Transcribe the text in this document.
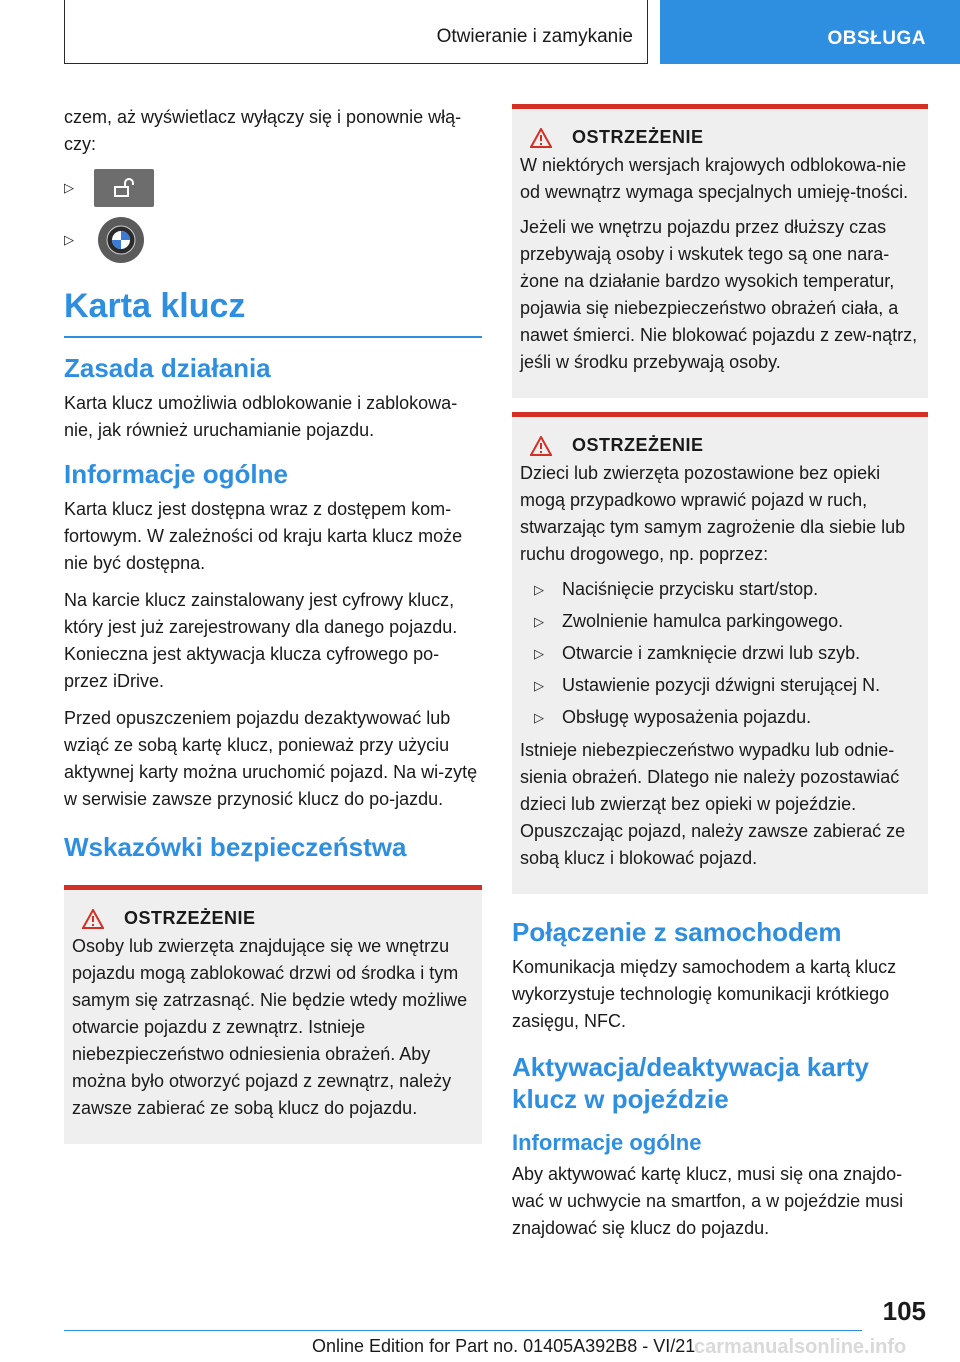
Otwieranie i zamykanie	OBSŁUGA

czem, aż wyświetlacz wyłączy się i ponownie włą-czy:

▷
▷
Karta klucz
Zasada działania

Karta klucz umożliwia odblokowanie i zablokowa-nie, jak również uruchamianie pojazdu.

Informacje ogólne

Karta klucz jest dostępna wraz z dostępem kom-fortowym. W zależności od kraju karta klucz może nie być dostępna.

Na karcie klucz zainstalowany jest cyfrowy klucz, który jest już zarejestrowany dla danego pojazdu. Konieczna jest aktywacja klucza cyfrowego po-przez iDrive.

Przed opuszczeniem pojazdu dezaktywować lub wziąć ze sobą kartę klucz, ponieważ przy użyciu aktywnej karty można uruchomić pojazd. Na wi-zytę w serwisie zawsze przynosić klucz do po-jazdu.

Wskazówki bezpieczeństwa
OSTRZEŻENIE

Osoby lub zwierzęta znajdujące się we wnętrzu pojazdu mogą zablokować drzwi od środka i tym samym się zatrzasnąć. Nie będzie wtedy możliwe otwarcie pojazdu z zewnątrz. Istnieje niebezpieczeństwo odniesienia obrażeń. Aby można było otworzyć pojazd z zewnątrz, należy zawsze zabierać ze sobą klucz do pojazdu.

OSTRZEŻENIE

W niektórych wersjach krajowych odblokowa-nie od wewnątrz wymaga specjalnych umieję-tności.

Jeżeli we wnętrzu pojazdu przez dłuższy czas przebywają osoby i wskutek tego są one nara-żone na działanie bardzo wysokich temperatur, pojawia się niebezpieczeństwo obrażeń ciała, a nawet śmierci. Nie blokować pojazdu z zew-nątrz, jeśli w środku przebywają osoby.

OSTRZEŻENIE

Dzieci lub zwierzęta pozostawione bez opieki mogą przypadkowo wprawić pojazd w ruch, stwarzając tym samym zagrożenie dla siebie lub ruchu drogowego, np. poprzez:

▷ Naciśnięcie przycisku start/stop.
▷ Zwolnienie hamulca parkingowego.
▷ Otwarcie i zamknięcie drzwi lub szyb.
▷ Ustawienie pozycji dźwigni sterującej N.
▷ Obsługę wyposażenia pojazdu.

Istnieje niebezpieczeństwo wypadku lub odnie-sienia obrażeń. Dlatego nie należy pozostawiać dzieci lub zwierząt bez opieki w pojeździe. Opuszczając pojazd, należy zawsze zabierać ze sobą klucz i blokować pojazd.

Połączenie z samochodem

Komunikacja między samochodem a kartą klucz wykorzystuje technologię komunikacji krótkiego zasięgu, NFC.

Aktywacja/deaktywacja karty klucz w pojeździe
Informacje ogólne

Aby aktywować kartę klucz, musi się ona znajdo-wać w uchwycie na smartfon, a w pojeździe musi znajdować się klucz do pojazdu.

105
Online Edition for Part no. 01405A392B8 - VI/21
carmanualsonline.info
